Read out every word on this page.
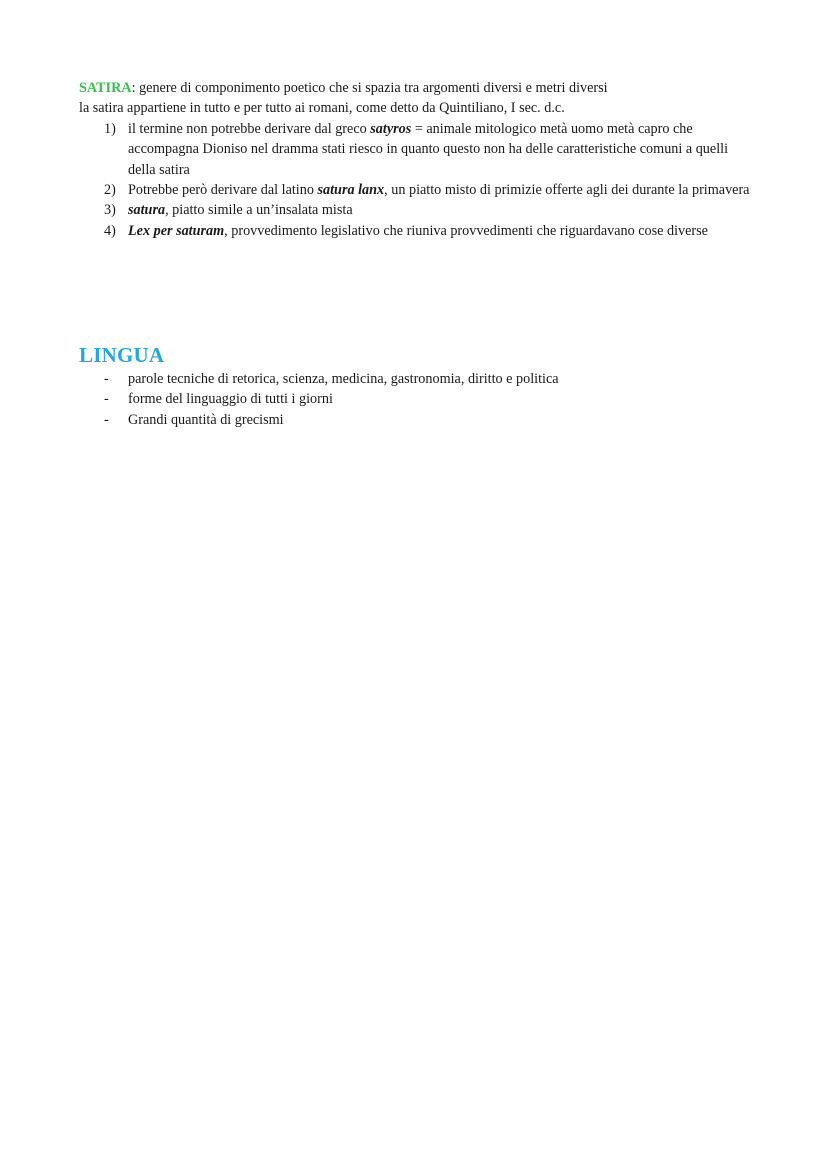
SATIRA: genere di componimento poetico che si spazia tra argomenti diversi e metri diversi

la satira appartiene in tutto e per tutto ai romani, come detto da Quintiliano, I sec. d.c.

1) il termine non potrebbe derivare dal greco satyros = animale mitologico metà uomo metà capro che accompagna Dioniso nel dramma stati riesco in quanto questo non ha delle caratteristiche comuni a quelli della satira
2) Potrebbe però derivare dal latino satura lanx, un piatto misto di primizie offerte agli dei durante la primavera
3) satura, piatto simile a un’insalata mista
4) Lex per saturam, provvedimento legislativo che riuniva provvedimenti che riguardavano cose diverse
LINGUA
- parole tecniche di retorica, scienza, medicina, gastronomia, diritto e politica
- forme del linguaggio di tutti i giorni
- Grandi quantità di grecismi
